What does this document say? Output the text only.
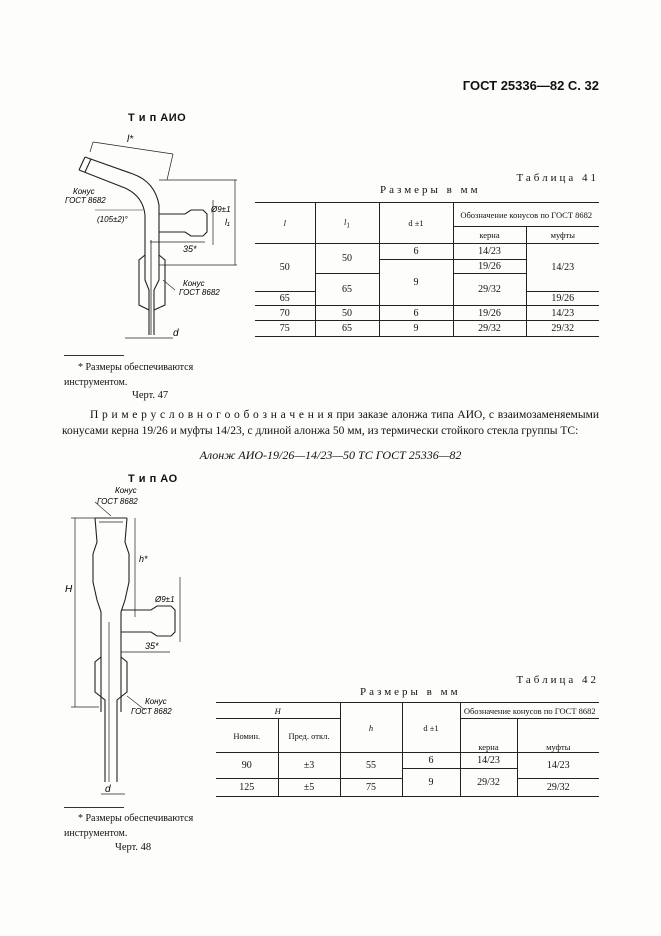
ГОСТ 25336—82 С. 32
Т и п АИО
l*
Конус
ГОСТ 8682
(105±2)°
35*
l₁
Ø9±1
Конус
ГОСТ 8682
d
* Размеры обеспечиваются инструментом.
Черт. 47
Таблица 41
Размеры в мм
l	$l_1$	d ±1	Обозначение конусов по ГОСТ 8682	
			керна	муфты
50	50	6	14/23	14/23
		9	19/26	
	65		29/32	
65				19/26
70	50	6	19/26	14/23
75	65	9	29/32	29/32
П р и м е р у с л о в н о г о о б о з н а ч е н и я при заказе алонжа типа АИО, с взаимозаменяемыми конусами керна 19/26 и муфты 14/23, с длиной алонжа 50 мм, из термически стойкого стекла группы ТС:
Алонж АИО-19/26—14/23—50 ТС ГОСТ 25336—82
Т и п АО
Конус
ГОСТ 8682
H
h*
Ø9±1
35*
Конус
ГОСТ 8682
d
* Размеры обеспечиваются инструментом.
Черт. 48
Таблица 42
Размеры в мм
H		h	d ±1	Обозначение конусов по ГОСТ 8682	
Номин.	Пред. откл.			керна	муфты
90	±3	55	6	14/23	14/23
			9	29/32	
125	±5	75			29/32
